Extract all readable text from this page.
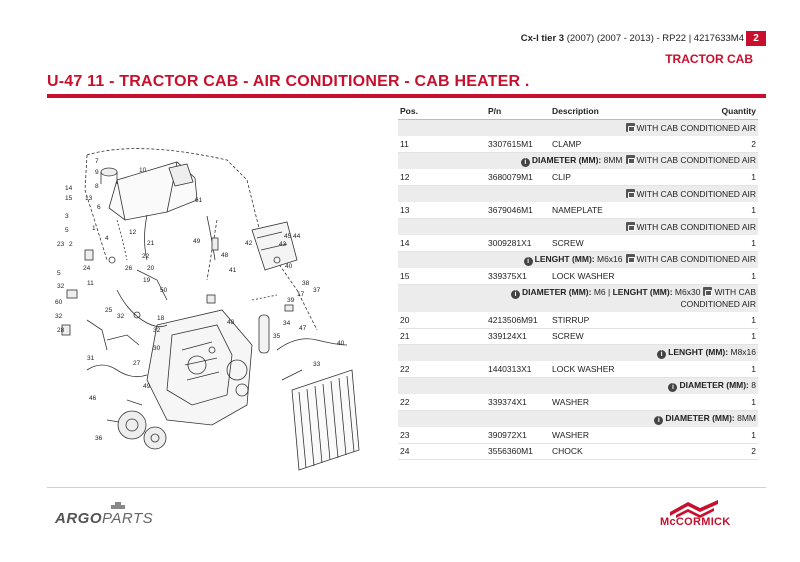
Cx-l tier 3 (2007) (2007 - 2013) - RP22 | 4217633M4 2
TRACTOR CAB
U-47 11 - TRACTOR CAB - AIR CONDITIONER - CAB HEATER .
7
9	10
8
14
15 13
6
61
3
5	1
4
12
23 2
24	26 20
5
32	11
49	42
45 44
43
41
48
21
22
19
25
40
38
50	37
39
34
17
35
46
27
30
31
47
48
36
33
40
28
32
60
32
32
18
49
Pos.	P/n	Description	Quantity
WITH CAB CONDITIONED AIR			
11	3307615M1	CLAMP	2
i DIAMETER (MM): 8MM WITH CAB CONDITIONED AIR			
12	3680079M1	CLIP	1
WITH CAB CONDITIONED AIR			
13	3679046M1	NAMEPLATE	1
WITH CAB CONDITIONED AIR			
14	3009281X1	SCREW	1
i LENGHT (MM): M6x16 WITH CAB CONDITIONED AIR			
15	339375X1	LOCK WASHER	1
i DIAMETER (MM): M6 | LENGHT (MM): M6x30 WITH CAB
CONDITIONED AIR			
20	4213506M91	STIRRUP	1
21	339124X1	SCREW	1
i LENGHT (MM): M8x16			
22	1440313X1	LOCK WASHER	1
i DIAMETER (MM): 8			
22	339374X1	WASHER	1
i DIAMETER (MM): 8MM			
23	390972X1	WASHER	1
24	3556360M1	CHOCK	2
ARGOPARTS	McCORMICK
